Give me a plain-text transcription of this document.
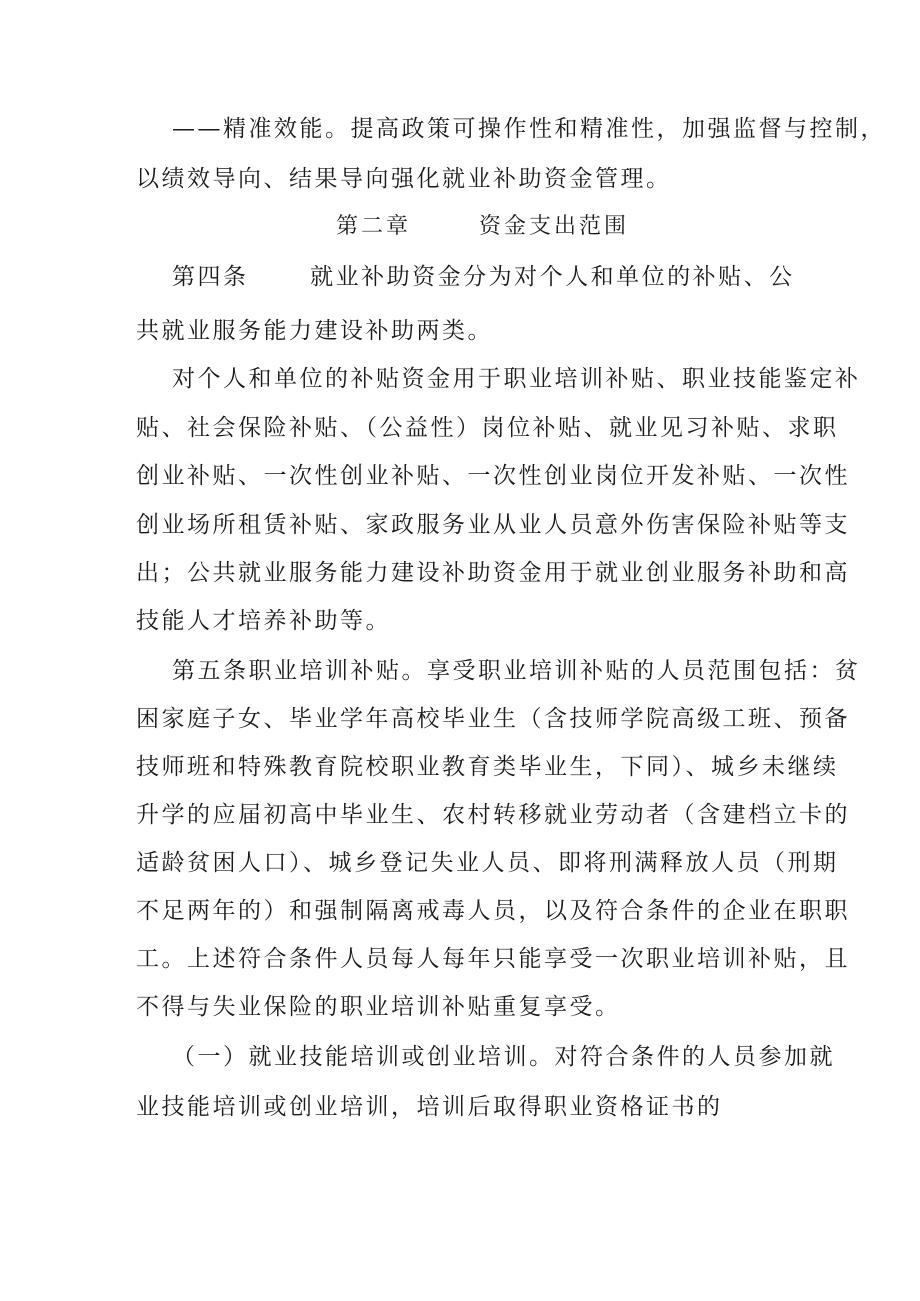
——精准效能。提高政策可操作性和精准性，加强监督与控制，
以绩效导向、结果导向强化就业补助资金管理。
第二章	资金支出范围
第四条	就业补助资金分为对个人和单位的补贴、公
共就业服务能力建设补助两类。
对个人和单位的补贴资金用于职业培训补贴、职业技能鉴定补
贴、社会保险补贴、（公益性）岗位补贴、就业见习补贴、求职
创业补贴、一次性创业补贴、一次性创业岗位开发补贴、一次性
创业场所租赁补贴、家政服务业从业人员意外伤害保险补贴等支
出；公共就业服务能力建设补助资金用于就业创业服务补助和高
技能人才培养补助等。
第五条职业培训补贴。享受职业培训补贴的人员范围包括：贫
困家庭子女、毕业学年高校毕业生（含技师学院高级工班、预备
技师班和特殊教育院校职业教育类毕业生，下同）、城乡未继续
升学的应届初高中毕业生、农村转移就业劳动者（含建档立卡的
适龄贫困人口）、城乡登记失业人员、即将刑满释放人员（刑期
不足两年的）和强制隔离戒毒人员，以及符合条件的企业在职职
工。上述符合条件人员每人每年只能享受一次职业培训补贴，且
不得与失业保险的职业培训补贴重复享受。
（一）就业技能培训或创业培训。对符合条件的人员参加就
业技能培训或创业培训，培训后取得职业资格证书的
